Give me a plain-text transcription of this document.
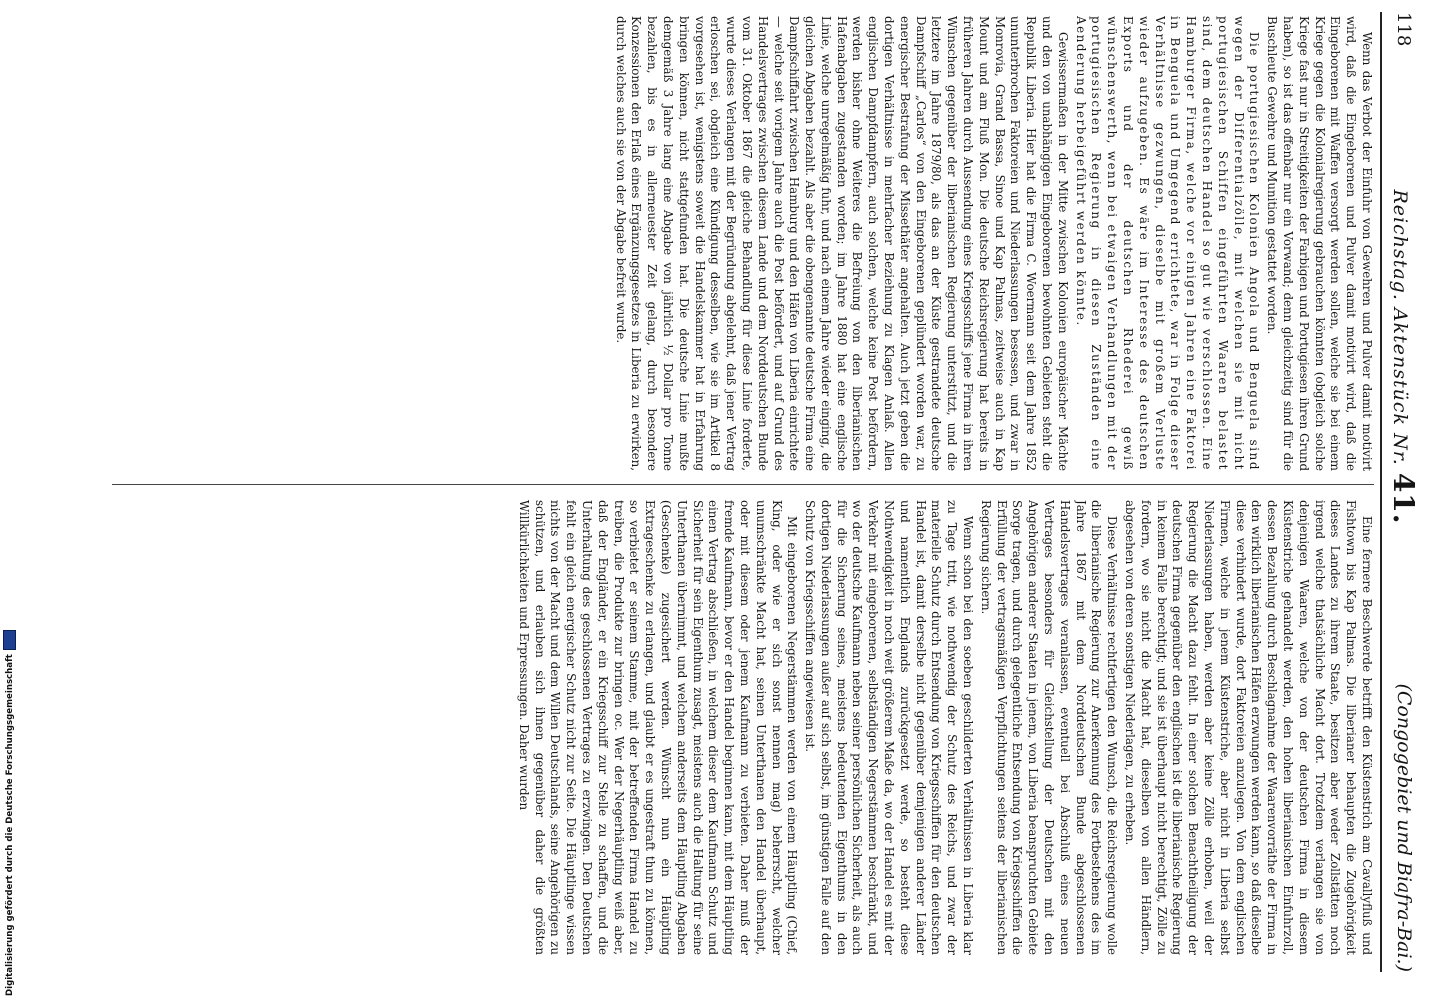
118
Reichstag. Aktenstück Nr. 41.
(Congogebiet und Biafra-Bai.)

Wenn das Verbot der Einfuhr von Gewehren und Pulver damit motivirt wird, daß die Eingeborenen und Pulver damit motivirt wird, daß die Eingeborenen mit Waffen versorgt werden sollen, welche sie bei einem Kriege gegen die Kolonialregierung gebrauchen könnten (obgleich solche Kriege fast nur in Streitigkeiten der Farbigen und Portugiesen ihren Grund haben), so ist das offenbar nur ein Vorwand; denn gleichzeitig sind für die Buschleute Gewehre und Munition gestattet worden.

Die portugiesischen Kolonien Angola und Benguela sind wegen der Differentialzölle, mit welchen sie mit nicht portugiesischen Schiffen eingeführten Waaren belastet sind, dem deutschen Handel so gut wie verschlossen. Eine Hamburger Firma, welche vor einigen Jahren eine Faktorei in Benguela und Umgegend errichtete, war in Folge dieser Verhältnisse gezwungen, dieselbe mit großem Verluste wieder aufzugeben. Es wäre im Interesse des deutschen Exports und der deutschen Rhederei gewiß wünschenswerth, wenn bei etwaigen Verhandlungen mit der portugiesischen Regierung in diesen Zuständen eine Aenderung herbeigeführt werden könnte.

Gewissermaßen in der Mitte zwischen Kolonien europäischer Mächte und den von unabhängigen Eingeborenen bewohnten Gebieten steht die Republik Liberia. Hier hat die Firma C. Woermann seit dem Jahre 1852 ununterbrochen Faktoreien und Niederlassungen besessen, und zwar in Monrovia, Grand Bassa, Sinoe und Kap Palmas, zeitweise auch in Kap Mount und am Fluß Mon. Die deutsche Reichsregierung hat bereits in früheren Jahren durch Aussendung eines Kriegsschiffs jene Firma in ihren Wünschen gegenüber der liberianischen Regierung unterstützt, und die letztere im Jahre 1879/80, als das an der Küste gestrandete deutsche Dampfschiff „Carlos“ von den Eingeborenen geplündert worden war, zu energischer Bestrafung der Missethäter angehalten. Auch jetzt geben die dortigen Verhältnisse in mehrfacher Beziehung zu Klagen Anlaß. Allen englischen Dampfdampfern, auch solchen, welche keine Post befördern, werden bisher ohne Weiteres die Befreiung von den liberianischen Hafenabgaben zugestanden worden; im Jahre 1880 hat eine englische Linie, welche unregelmäßig fuhr, und nach einem Jahre wieder einging, die gleichen Abgaben bezahlt. Als aber die obengenannte deutsche Firma eine Dampfschiffahrt zwischen Hamburg und den Häfen von Liberia einrichtete — welche seit vorigem Jahre auch die Post befördert, und auf Grund des Handelsvertrages zwischen diesem Lande und dem Norddeutschen Bunde vom 31. Oktober 1867 die gleiche Behandlung für diese Linie forderte, wurde dieses Verlangen mit der Begründung abgelehnt, daß jener Vertrag erloschen sei, obgleich eine Kündigung desselben, wie sie im Artikel 8 vorgesehen ist, wenigstens soweit die Handelskammer hat in Erfahrung bringen können, nicht stattgefunden hat. Die deutsche Linie mußte demgemäß 3 Jahre lang eine Abgabe von jährlich ½ Dollar pro Tonne bezahlen, bis es in allerneuester Zeit gelang, durch besondere Konzessionen den Erlaß eines Ergänzungsgesetzes in Liberia zu erwirken, durch welches auch sie von der Abgabe befreit wurde.

Eine fernere Beschwerde betrifft den Küstenstrich am Cavallyfluß und Fishtown bis Kap Palmas. Die liberianer behaupten die Zugehörigkeit dieses Landes zu ihrem Staate, besitzen aber weder Zollstätten noch irgend welche thatsächliche Macht dort. Trotzdem verlangen sie von denjenigen Waaren, welche von der deutschen Firma in diesem Küstenstriche gehandelt werden, den hohen liberianischen Einfuhrzoll, dessen Bezahlung durch Beschlagnahme der Waarenvorräthe der Firma in den wirklich liberianischen Häfen erzwungen werden kann, so daß dieselbe diese verhindert wurde, dort Faktoreien anzulegen. Von dem englischen Firmen, welche in jenem Küstenstriche, aber nicht in Liberia selbst Niederlassungen haben, werden aber keine Zölle erhoben, weil der Regierung die Macht dazu fehlt. In einer solchen Benachtheiligung der deutschen Firma gegenüber den englischen ist die liberianische Regierung in keinem Falle berechtigt; und sie ist überhaupt nicht berechtigt, Zölle zu fordern, wo sie nicht die Macht hat, dieselben von allen Händlern, abgesehen von deren sonstigen Niederlagen, zu erheben.

Diese Verhältnisse rechtfertigen den Wunsch, die Reichsregierung wolle die liberianische Regierung zur Anerkennung des Fortbestehens des im Jahre 1867 mit dem Norddeutschen Bunde abgeschlossenen Handelsvertrages veranlassen, eventuell bei Abschluß eines neuen Vertrages besonders für Gleichstellung der Deutschen mit den Angehörigen anderer Staaten in jenem, von Liberia beanspruchten Gebiete Sorge tragen, und durch gelegentliche Entsendung von Kriegsschiffen die Erfüllung der vertragsmäßigen Verpflichtungen seitens der liberianischen Regierung sichern.

Wenn schon bei den soeben geschilderten Verhältnissen in Liberia klar zu Tage tritt, wie nothwendig der Schutz des Reichs, und zwar der materielle Schutz durch Entsendung von Kriegsschiffen für den deutschen Handel ist, damit derselbe nicht gegenüber demjenigen anderer Länder und namentlich Englands zurückgesetzt werde, so besteht diese Nothwendigkeit in noch weit größerem Maße da, wo der Handel es mit der Verkehr mit eingeborenen, selbständigen Negerstämmen beschränkt, und wo der deutsche Kaufmann neben seiner persönlichen Sicherheit, als auch für die Sicherung seines, meistens bedeutenden Eigenthums in den dortigen Niederlassungen außer auf sich selbst, im günstigen Falle auf den Schutz von Kriegsschiffen angewiesen ist.

Mit eingeborenen Negerstämmen werden von einem Häuptling (Chief, King, oder wie er sich sonst nennen mag) beherrscht, welcher unumschränkte Macht hat, seinen Unterthanen den Handel überhaupt, oder mit diesem oder jenem Kaufmann zu verbieten. Daher muß der fremde Kaufmann, bevor er den Handel beginnen kann, mit dem Häuptling einen Vertrag abschließen, in welchem dieser dem Kaufmann Schutz und Sicherheit für sein Eigenthum zusagt, meistens auch die Haltung für seine Unterthanen übernimmt, und welchem anderseits dem Häuptling Abgaben (Geschenke) zugesichert werden. Wünscht nun ein Häuptling Extrageschenke zu erlangen, und glaubt er es ungestraft thun zu können, so verbietet er seinem Stamme, mit der betreffenden Firma Handel zu treiben, die Produkte zur bringen oc. Wer der Negerhäuptling weiß aber, daß der Engländer, er ein Kriegsschiff zur Stelle zu schaffen, und die Unterhaltung des geschlossenen Vertrages zu erzwingen. Den Deutschen fehlt ein gleich energischer Schutz nicht zur Seite. Die Häuptlinge wissen nichts von der Macht und dem Willen Deutschlands, seine Angehörigen zu schützen, und erlauben sich ihnen gegenüber daher die größten Willkürlichkeiten und Erpressungen. Daher wurden

Digitalisierung gefördert durch die Deutsche Forschungsgemeinschaft
